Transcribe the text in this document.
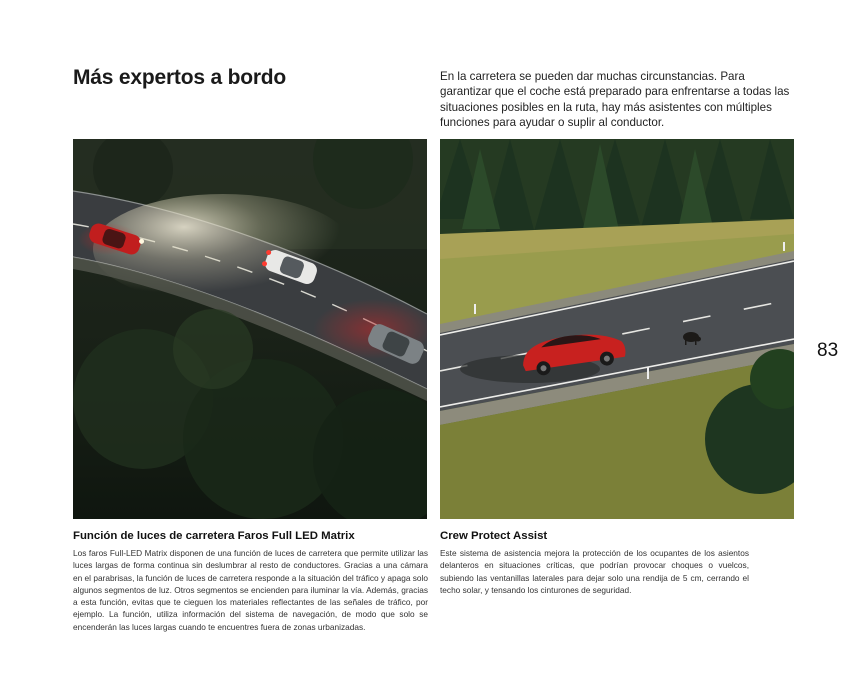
Más expertos a bordo	En la carretera se pueden dar muchas circunstancias. Para garantizar que el coche está preparado para enfrentarse a todas las situaciones posibles en la ruta, hay más asistentes con múltiples funciones para ayudar o suplir al conductor.
83
Función de luces de carretera Faros Full LED Matrix
Los faros Full-LED Matrix disponen de una función de luces de carretera que permite utilizar las luces largas de forma continua sin deslumbrar al resto de conductores. Gracias a una cámara en el parabrisas, la función de luces de carretera responde a la situación del tráfico y apaga solo algunos segmentos de luz. Otros segmentos se encienden para iluminar la vía. Además, gracias a esta función, evitas que te cieguen los materiales reflectantes de las señales de tráfico, por ejemplo. La función, utiliza información del sistema de navegación, de modo que solo se encenderán las luces largas cuando te encuentres fuera de zonas urbanizadas.
Crew Protect Assist
Este sistema de asistencia mejora la protección de los ocupantes de los asientos delanteros en situaciones críticas, que podrían provocar choques o vuelcos, subiendo las ventanillas laterales para dejar solo una rendija de 5 cm, cerrando el techo solar, y tensando los cinturones de seguridad.
